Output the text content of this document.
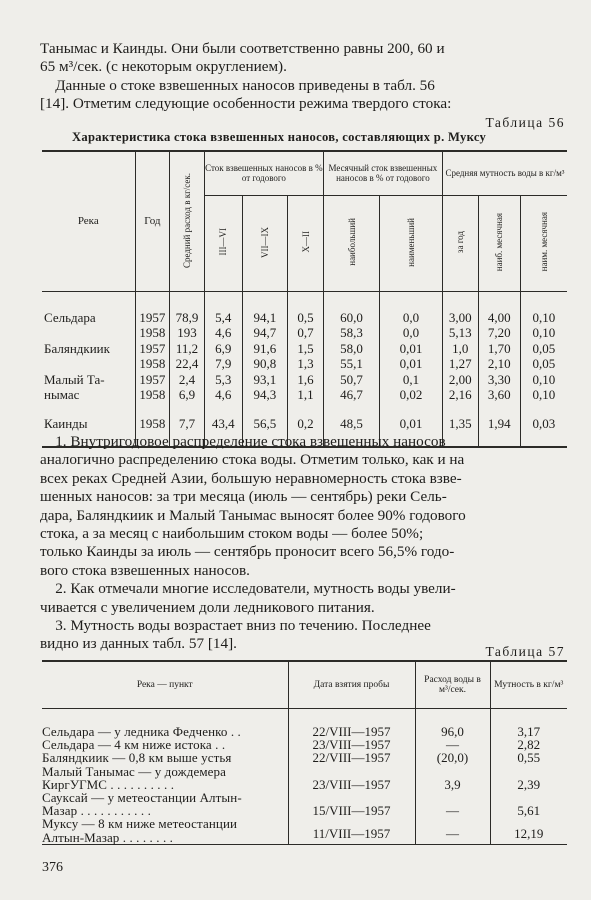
Танымас и Каинды. Они были соответственно равны 200, 60 и
65 м³/сек. (с некоторым округлением).
Данные о стоке взвешенных наносов приведены в табл. 56
[14]. Отметим следующие особенности режима твердого стока:
Таблица 56
Характеристика стока взвешенных наносов, составляющих р. Муксу
Река	Год	Средний расход в кг/сек.	Сток взвешенных наносов в % от годового			Месячный сток взвешенных наносов в % от годового		Средняя мутность воды в кг/м³		
			III—VI	VII—IX	X—II	наибольший	наименьший	за год	наиб. месячная	наим. месячная
Сельдара	1957	78,9	5,4	94,1	0,5	60,0	0,0	3,00	4,00	0,10
	1958	193	4,6	94,7	0,7	58,3	0,0	5,13	7,20	0,10
Баляндкиик	1957	11,2	6,9	91,6	1,5	58,0	0,01	1,0	1,70	0,05
	1958	22,4	7,9	90,8	1,3	55,1	0,01	1,27	2,10	0,05
Малый Та-	1957	2,4	5,3	93,1	1,6	50,7	0,1	2,00	3,30	0,10
нымас	1958	6,9	4,6	94,3	1,1	46,7	0,02	2,16	3,60	0,10
Каинды	1958	7,7	43,4	56,5	0,2	48,5	0,01	1,35	1,94	0,03
1. Внутригодовое распределение стока взвешенных наносов
аналогично распределению стока воды. Отметим только, как и на
всех реках Средней Азии, большую неравномерность стока взве-
шенных наносов: за три месяца (июль — сентябрь) реки Сель-
дара, Баляндкиик и Малый Танымас выносят более 90% годового
стока, а за месяц с наибольшим стоком воды — более 50%;
только Каинды за июль — сентябрь проносит всего 56,5% годо-
вого стока взвешенных наносов.
2. Как отмечали многие исследователи, мутность воды увели-
чивается с увеличением доли ледникового питания.
3. Мутность воды возрастает вниз по течению. Последнее
видно из данных табл. 57 [14].	Таблица 57
Река — пункт	Дата взятия пробы	Расход воды в м³/сек.	Мутность в кг/м³

Сельдара — у ледника Федченко . .	22/VIII—1957	96,0	3,17

Сельдара — 4 км ниже истока . .	23/VIII—1957	—	2,82

Баляндкиик — 0,8 км выше устья	22/VIII—1957	(20,0)	0,55

Малый Танымас — у дождемера
КиргУГМС . . . . . . . . . .	23/VIII—1957	3,9	2,39

Саукcай — у метеостанции Алтын-
Мазар . . . . . . . . . . .	15/VIII—1957	—	5,61

Муксу — 8 км ниже метеостанции
Алтын-Мазар . . . . . . . .	11/VIII—1957	—	12,19
376
